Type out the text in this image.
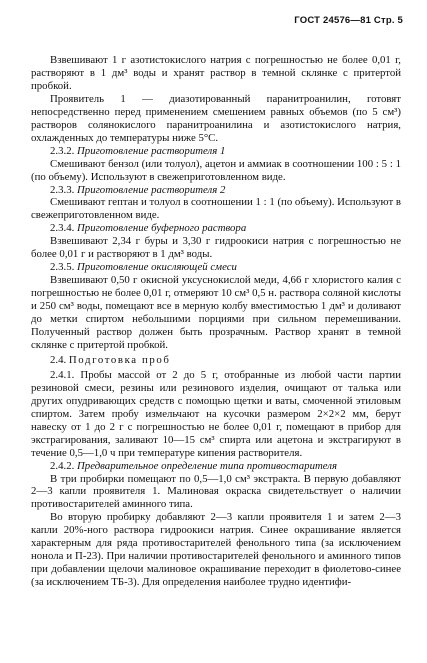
ГОСТ 24576—81 Стр. 5

Взвешивают 1 г азотистокислого натрия с погрешностью не более 0,01 г, растворяют в 1 дм³ воды и хранят раствор в темной склянке с притертой пробкой.

Проявитель 1 — диазотированный паранитроанилин, готовят непосредственно перед применением смешением равных объемов (по 5 см³) растворов солянокислого паранитроанилина и азотистокислого натрия, охлажденных до температуры ниже 5°С.

2.3.2. Приготовление растворителя 1

Смешивают бензол (или толуол), ацетон и аммиак в соотношении 100 : 5 : 1 (по объему). Используют в свежеприготовленном виде.

2.3.3. Приготовление растворителя 2

Смешивают гептан и толуол в соотношении 1 : 1 (по объему). Используют в свежеприготовленном виде.

2.3.4. Приготовление буферного раствора

Взвешивают 2,34 г буры и 3,30 г гидроокиси натрия с погрешностью не более 0,01 г и растворяют в 1 дм³ воды.

2.3.5. Приготовление окисляющей смеси

Взвешивают 0,50 г окисной уксуснокислой меди, 4,66 г хлористого калия с погрешностью не более 0,01 г, отмеряют 10 см³ 0,5 н. раствора соляной кислоты и 250 см³ воды, помещают все в мерную колбу вместимостью 1 дм³ и доливают до метки спиртом небольшими порциями при сильном перемешивании. Полученный раствор должен быть прозрачным. Раствор хранят в темной склянке с притертой пробкой.

2.4. Подготовка проб

2.4.1. Пробы массой от 2 до 5 г, отобранные из любой части партии резиновой смеси, резины или резинового изделия, очищают от талька или других опудривающих средств с помощью щетки и ваты, смоченной этиловым спиртом. Затем пробу измельчают на кусочки размером 2×2×2 мм, берут навеску от 1 до 2 г с погрешностью не более 0,01 г, помещают в прибор для экстрагирования, заливают 10—15 см³ спирта или ацетона и экстрагируют в течение 0,5—1,0 ч при температуре кипения растворителя.

2.4.2. Предварительное определение типа противостарителя

В три пробирки помещают по 0,5—1,0 см³ экстракта. В первую добавляют 2—3 капли проявителя 1. Малиновая окраска свидетельствует о наличии противостарителей аминного типа.

Во вторую пробирку добавляют 2—3 капли проявителя 1 и затем 2—3 капли 20%-ного раствора гидроокиси натрия. Синее окрашивание является характерным для ряда противостарителей фенольного типа (за исключением нонола и П-23). При наличии противостарителей фенольного и аминного типов при добавлении щелочи малиновое окрашивание переходит в фиолетово-синее (за исключением ТБ-3). Для определения наиболее трудно идентифи-
